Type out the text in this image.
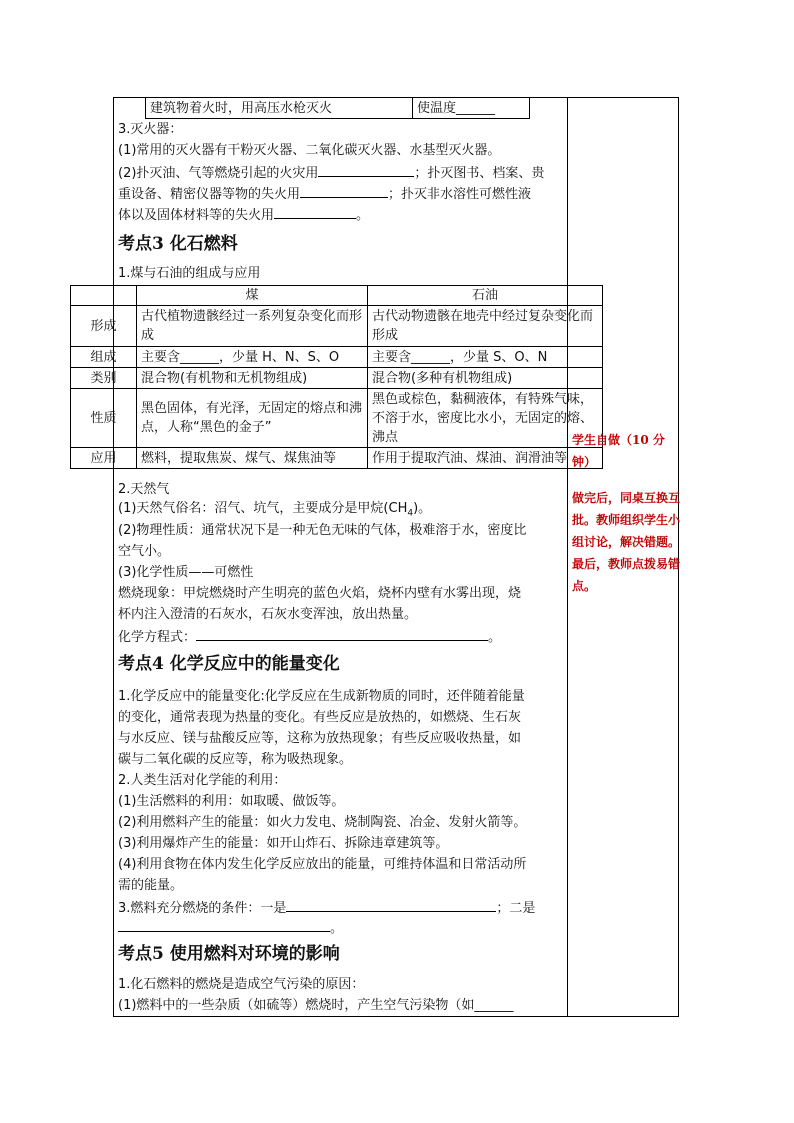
建筑物着火时，用高压水枪灭火	使温度______
3.灭火器：
(1)常用的灭火器有干粉灭火器、二氧化碳灭火器、水基型灭火器。
(2)扑灭油、气等燃烧引起的火灾用	；扑灭图书、档案、贵
重设备、精密仪器等物的失火用	；扑灭非水溶性可燃性液
体以及固体材料等的失火用	。
考点3 化石燃料
1.煤与石油的组成与应用
	煤	石油
形成	古代植物遗骸经过一系列复杂变化而形成	古代动物遗骸在地壳中经过复杂变化而形成
组成	主要含______，少量 H、N、S、O	主要含______，少量 S、O、N
类别	混合物(有机物和无机物组成)	混合物(多种有机物组成)
性质	黑色固体，有光泽，无固定的熔点和沸点，人称“黑色的金子”	黑色或棕色，黏稠液体，有特殊气味，不溶于水，密度比水小，无固定的熔、沸点
应用	燃料，提取焦炭、煤气、煤焦油等	作用于提取汽油、煤油、润滑油等
2.天然气
(1)天然气俗名：沼气、坑气，主要成分是甲烷$(CH_4)$。
(2)物理性质：通常状况下是一种无色无味的气体，极难溶于水，密度比
空气小。
(3)化学性质——可燃性
燃烧现象：甲烷燃烧时产生明亮的蓝色火焰，烧杯内壁有水雾出现，烧
杯内注入澄清的石灰水，石灰水变浑浊，放出热量。
化学方程式：	。
考点4 化学反应中的能量变化
1.化学反应中的能量变化:化学反应在生成新物质的同时，还伴随着能量
的变化，通常表现为热量的变化。有些反应是放热的，如燃烧、生石灰
与水反应、镁与盐酸反应等，这称为放热现象；有些反应吸收热量，如
碳与二氧化碳的反应等，称为吸热现象。
2.人类生活对化学能的利用：
(1)生活燃料的利用：如取暖、做饭等。
(2)利用燃料产生的能量：如火力发电、烧制陶瓷、冶金、发射火箭等。
(3)利用爆炸产生的能量：如开山炸石、拆除违章建筑等。
(4)利用食物在体内发生化学反应放出的能量，可维持体温和日常活动所
需的能量。
3.燃料充分燃烧的条件：一是	；二是
。
考点5 使用燃料对环境的影响
1.化石燃料的燃烧是造成空气污染的原因：
(1)燃料中的一些杂质（如硫等）燃烧时，产生空气污染物（如______
学生自做（10 分钟）
做完后，同桌互换互批。教师组织学生小组讨论，解决错题。最后，教师点拨易错点。
